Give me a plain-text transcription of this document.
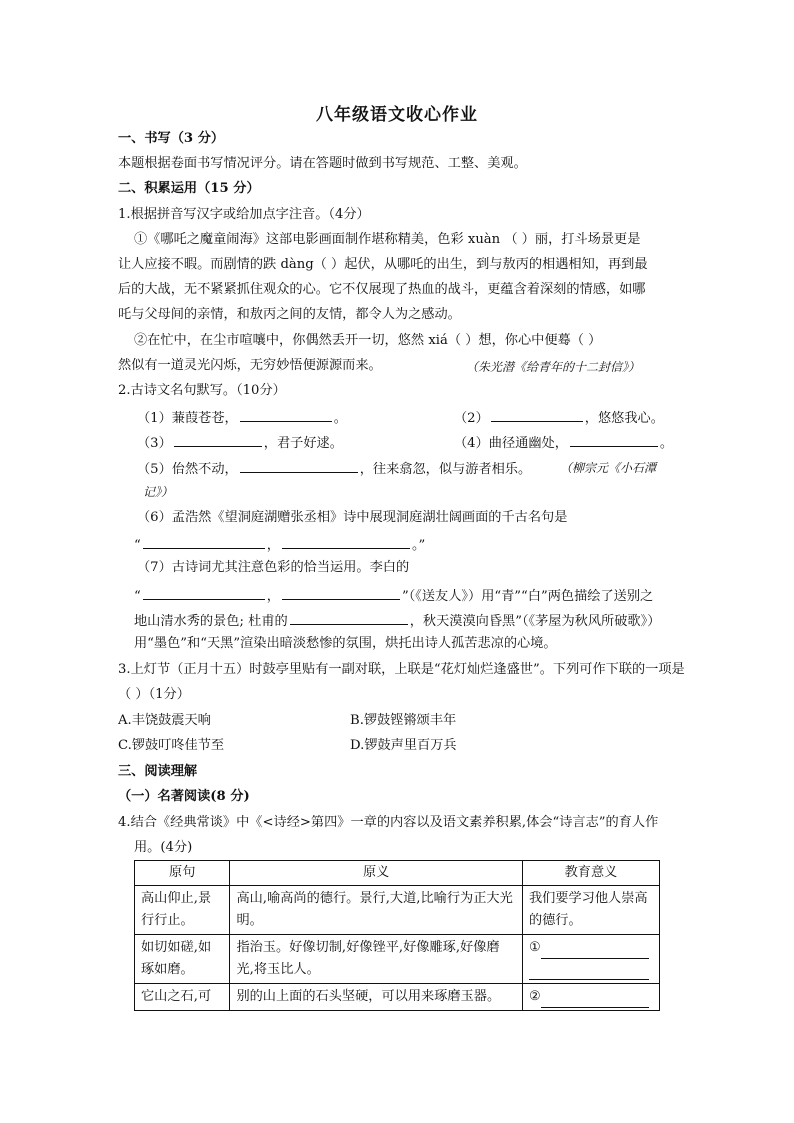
八年级语文收心作业
一、书写（3 分）
本题根据卷面书写情况评分。请在答题时做到书写规范、工整、美观。
二、积累运用（15 分）
1.根据拼音写汉字或给加点字注音。（4分）
①《哪吒之魔童闹海》这部电影画面制作堪称精美，色彩 xuàn （ ）丽，打斗场景更是
让人应接不暇。而剧情的跌 dàng（ ）起伏，从哪吒的出生，到与敖丙的相遇相知，再到最
后的大战，无不紧紧抓住观众的心。它不仅展现了热血的战斗，更蕴含着深刻的情感，如哪
吒与父母间的亲情，和敖丙之间的友情，都令人为之感动。
②在忙中，在尘市喧嚷中，你偶然丢开一切，悠然 xiá（ ）想，你心中便蓦（ ）
然似有一道灵光闪烁，无穷妙悟便源源而来。	（朱光潜《给青年的十二封信》）
2.古诗文名句默写。（10分）
（1）蒹葭苍苍，	。	（2）	，悠悠我心。
（3）	，君子好逑。	（4）曲径通幽处，	。
（5）佁然不动，	，往来翕忽，似与游者相乐。 （柳宗元《小石潭
记》）
（6）孟浩然《望洞庭湖赠张丞相》诗中展现洞庭湖壮阔画面的千古名句是
“	，	。”
（7）古诗词尤其注意色彩的恰当运用。李白的
“	，	”（《送友人》）用“青”“白”两色描绘了送别之
地山清水秀的景色; 杜甫的	，秋天漠漠向昏黑”（《茅屋为秋风所破歌》）
用“墨色”和“天黑”渲染出暗淡愁惨的氛围，烘托出诗人孤苦悲凉的心境。
3.上灯节（正月十五）时鼓亭里贴有一副对联，上联是“花灯灿烂逢盛世”。下列可作下联的一项是
（ ）（1分）
A.丰饶鼓震天响	B.锣鼓铿锵颂丰年
C.锣鼓叮咚佳节至	D.锣鼓声里百万兵
三、阅读理解
（一）名著阅读(8 分)
4.结合《经典常谈》中《<诗经>第四》一章的内容以及语文素养积累,体会“诗言志”的育人作
用。(4分)
原句	原义	教育意义
高山仰止,景行行止。	高山,喻高尚的德行。景行,大道,比喻行为正大光明。	我们要学习他人崇高的德行。
如切如磋,如琢如磨。	指治玉。好像切制,好像锉平,好像雕琢,好像磨光,将玉比人。	①

它山之石,可	别的山上面的石头坚硬，可以用来琢磨玉器。	②
